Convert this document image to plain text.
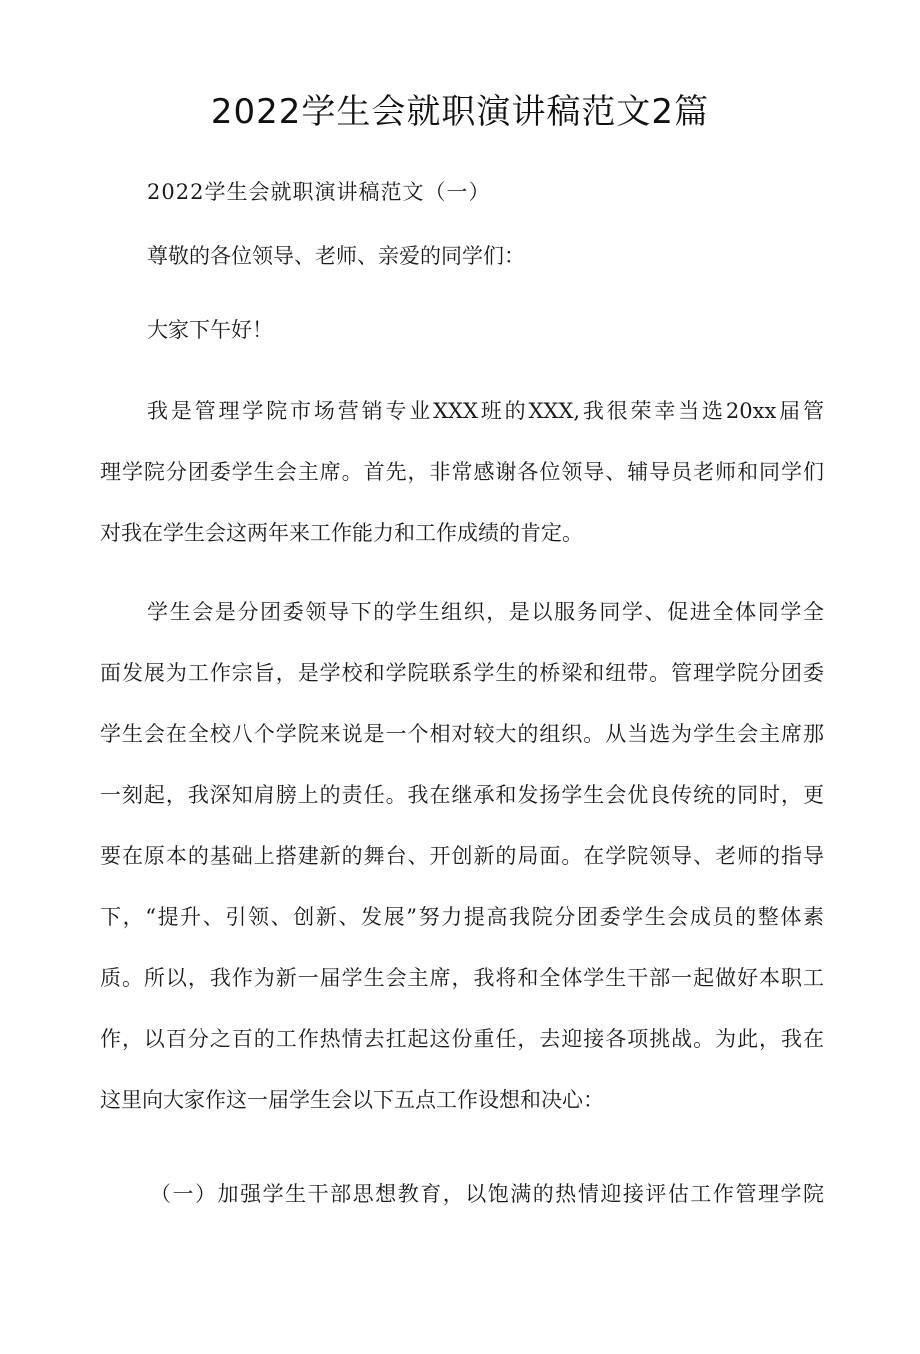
2022学生会就职演讲稿范文2篇

2022学生会就职演讲稿范文（一）

尊敬的各位领导、老师、亲爱的同学们：

大家下午好！

我是管理学院市场营销专业XXX班的XXX,我很荣幸当选20xx届管

理学院分团委学生会主席。首先，非常感谢各位领导、辅导员老师和同学们

对我在学生会这两年来工作能力和工作成绩的肯定。

学生会是分团委领导下的学生组织，是以服务同学、促进全体同学全

面发展为工作宗旨，是学校和学院联系学生的桥梁和纽带。管理学院分团委

学生会在全校八个学院来说是一个相对较大的组织。从当选为学生会主席那

一刻起，我深知肩膀上的责任。我在继承和发扬学生会优良传统的同时，更

要在原本的基础上搭建新的舞台、开创新的局面。在学院领导、老师的指导

下，“提升、引领、创新、发展”努力提高我院分团委学生会成员的整体素

质。所以，我作为新一届学生会主席，我将和全体学生干部一起做好本职工

作，以百分之百的工作热情去扛起这份重任，去迎接各项挑战。为此，我在

这里向大家作这一届学生会以下五点工作设想和决心：

（一）加强学生干部思想教育，以饱满的热情迎接评估工作管理学院
